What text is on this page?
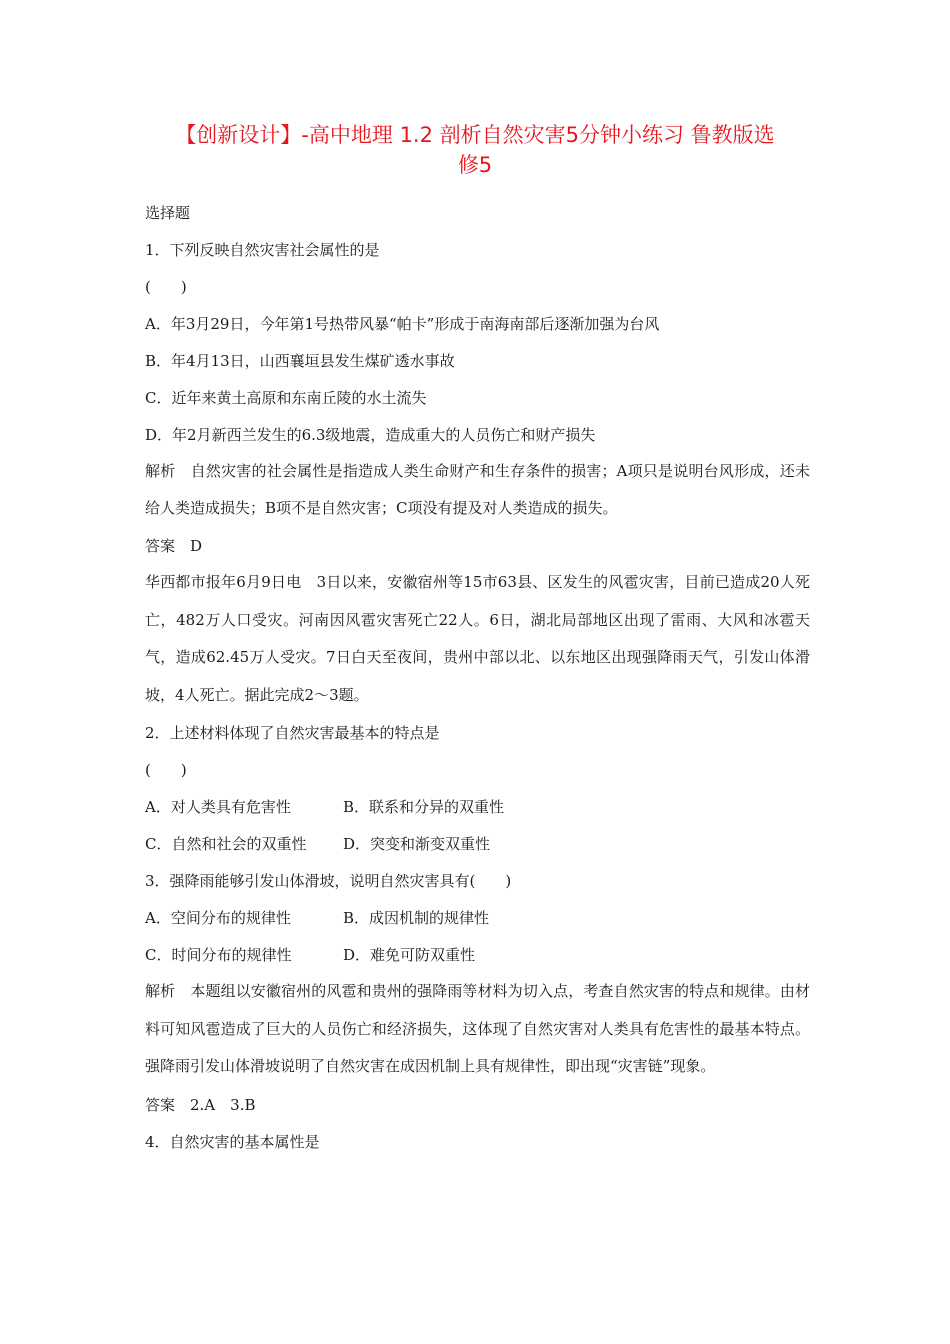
【创新设计】-高中地理 1.2 剖析自然灾害5分钟小练习 鲁教版选
修5
选择题
1．下列反映自然灾害社会属性的是
(　　)
A．年3月29日，今年第1号热带风暴“帕卡”形成于南海南部后逐渐加强为台风
B．年4月13日，山西襄垣县发生煤矿透水事故
C．近年来黄土高原和东南丘陵的水土流失
D．年2月新西兰发生的6.3级地震，造成重大的人员伤亡和财产损失
解析　自然灾害的社会属性是指造成人类生命财产和生存条件的损害；A项只是说明台风形成，还未给人类造成损失；B项不是自然灾害；C项没有提及对人类造成的损失。
答案　D
华西都市报年6月9日电　3日以来，安徽宿州等15市63县、区发生的风雹灾害，目前已造成20人死亡，482万人口受灾。河南因风雹灾害死亡22人。6日，湖北局部地区出现了雷雨、大风和冰雹天气，造成62.45万人受灾。7日白天至夜间，贵州中部以北、以东地区出现强降雨天气，引发山体滑坡，4人死亡。据此完成2～3题。
2．上述材料体现了自然灾害最基本的特点是
(　　)
A．对人类具有危害性	B．联系和分异的双重性
C．自然和社会的双重性	D．突变和渐变双重性
3．强降雨能够引发山体滑坡，说明自然灾害具有(　　)
A．空间分布的规律性	B．成因机制的规律性
C．时间分布的规律性	D．难免可防双重性
解析　本题组以安徽宿州的风雹和贵州的强降雨等材料为切入点，考查自然灾害的特点和规律。由材料可知风雹造成了巨大的人员伤亡和经济损失，这体现了自然灾害对人类具有危害性的最基本特点。强降雨引发山体滑坡说明了自然灾害在成因机制上具有规律性，即出现“灾害链”现象。
答案　2.A　3.B
4．自然灾害的基本属性是
